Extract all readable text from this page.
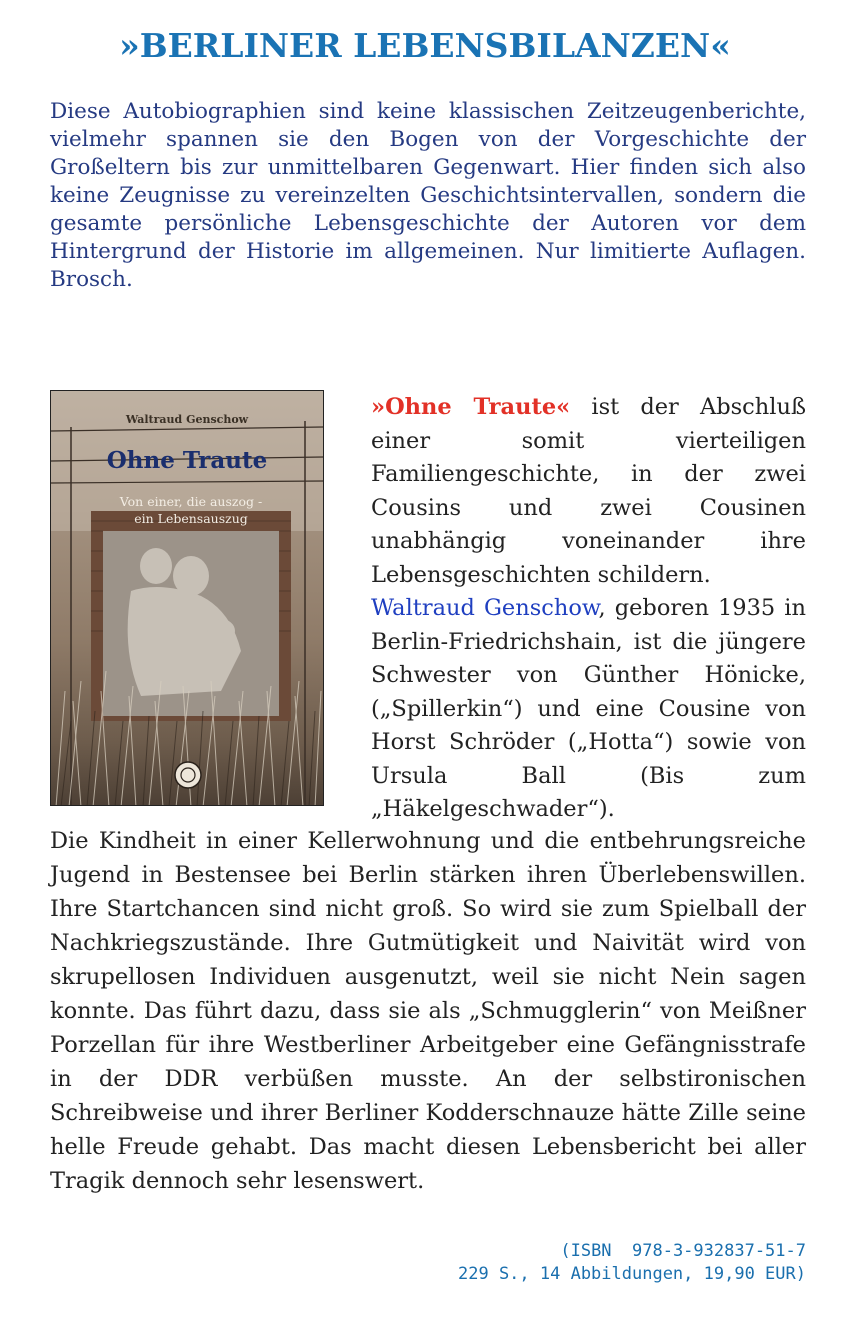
»BERLINER LEBENSBILANZEN«

Diese Autobiographien sind keine klassischen Zeitzeugenberichte, vielmehr spannen sie den Bogen von der Vorgeschichte der Großeltern bis zur unmittelbaren Gegenwart. Hier finden sich also keine Zeugnisse zu vereinzelten Geschichtsintervallen, sondern die gesamte persönliche Lebensgeschichte der Autoren vor dem Hintergrund der Historie im allgemeinen. Nur limitierte Auflagen. Brosch.

Waltraud Genschow
Ohne Traute
Von einer, die auszog -
ein Lebensauszug

»Ohne Traute« ist der Abschluß einer somit vierteiligen Familiengeschichte, in der zwei Cousins und zwei Cousinen unabhängig voneinander ihre Lebensgeschichten schildern.
Waltraud Genschow, geboren 1935 in Berlin-Friedrichshain, ist die jüngere Schwester von Günther Hönicke, („Spillerkin“) und eine Cousine von Horst Schröder („Hotta“) sowie von Ursula Ball (Bis zum „Häkelgeschwader“).

Die Kindheit in einer Kellerwohnung und die entbehrungsreiche Jugend in Bestensee bei Berlin stärken ihren Überlebenswillen. Ihre Startchancen sind nicht groß. So wird sie zum Spielball der Nachkriegszustände. Ihre Gutmütigkeit und Naivität wird von skrupellosen Individuen ausgenutzt, weil sie nicht Nein sagen konnte. Das führt dazu, dass sie als „Schmugglerin“ von Meißner Porzellan für ihre Westberliner Arbeitgeber eine Gefängnisstrafe in der DDR verbüßen musste. An der selbstironischen Schreibweise und ihrer Berliner Kodderschnauze hätte Zille seine helle Freude gehabt. Das macht diesen Lebensbericht bei aller Tragik dennoch sehr lesenswert.

(ISBN  978-3-932837-51-7
229 S., 14 Abbildungen, 19,90 EUR)
